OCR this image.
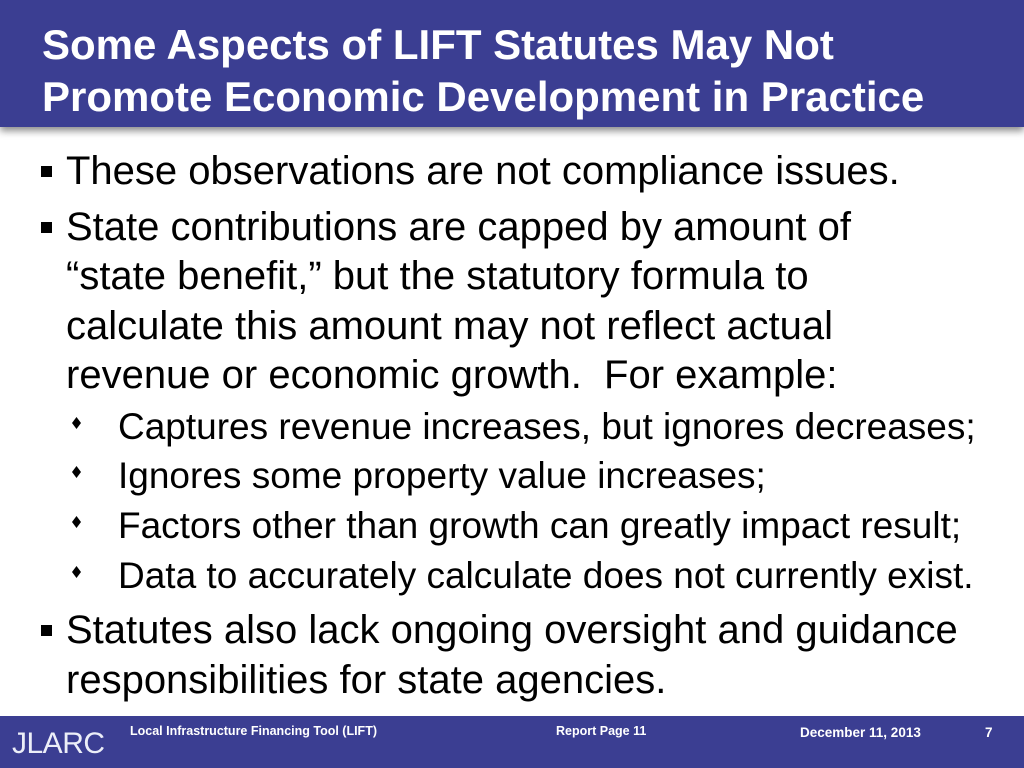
Some Aspects of LIFT Statutes May Not
Promote Economic Development in Practice
These observations are not compliance issues.
State contributions are capped by amount of
“state benefit,” but the statutory formula to
calculate this amount may not reflect actual
revenue or economic growth.  For example:
Captures revenue increases, but ignores decreases;
Ignores some property value increases;
Factors other than growth can greatly impact result;
Data to accurately calculate does not currently exist.
Statutes also lack ongoing oversight and guidance
responsibilities for state agencies.
JLARC Local Infrastructure Financing Tool (LIFT)	Report Page 11	December 11, 2013	7
